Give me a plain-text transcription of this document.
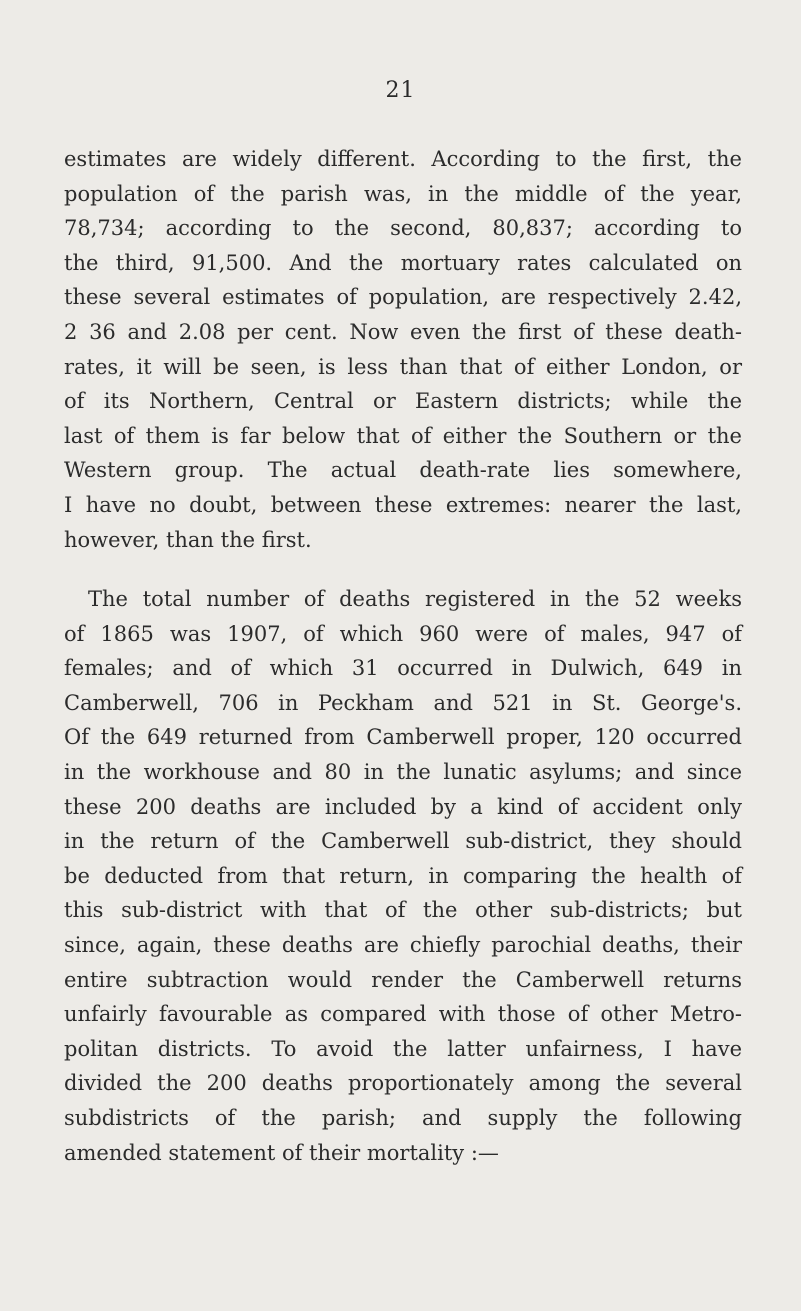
21
estimates are widely different. According to the first, the
population of the parish was, in the middle of the year,
78,734; according to the second, 80,837; according to
the third, 91,500. And the mortuary rates calculated on
these several estimates of population, are respectively 2.42,
2 36 and 2.08 per cent. Now even the first of these death-
rates, it will be seen, is less than that of either London, or
of its Northern, Central or Eastern districts; while the
last of them is far below that of either the Southern or the
Western group. The actual death-rate lies somewhere,
I have no doubt, between these extremes: nearer the last,
however, than the first.
The total number of deaths registered in the 52 weeks
of 1865 was 1907, of which 960 were of males, 947 of
females; and of which 31 occurred in Dulwich, 649 in
Camberwell, 706 in Peckham and 521 in St. George's.
Of the 649 returned from Camberwell proper, 120 occurred
in the workhouse and 80 in the lunatic asylums; and since
these 200 deaths are included by a kind of accident only
in the return of the Camberwell sub-district, they should
be deducted from that return, in comparing the health of
this sub-district with that of the other sub-districts; but
since, again, these deaths are chiefly parochial deaths, their
entire subtraction would render the Camberwell returns
unfairly favourable as compared with those of other Metro-
politan districts. To avoid the latter unfairness, I have
divided the 200 deaths proportionately among the several
subdistricts of the parish; and supply the following
amended statement of their mortality :—
